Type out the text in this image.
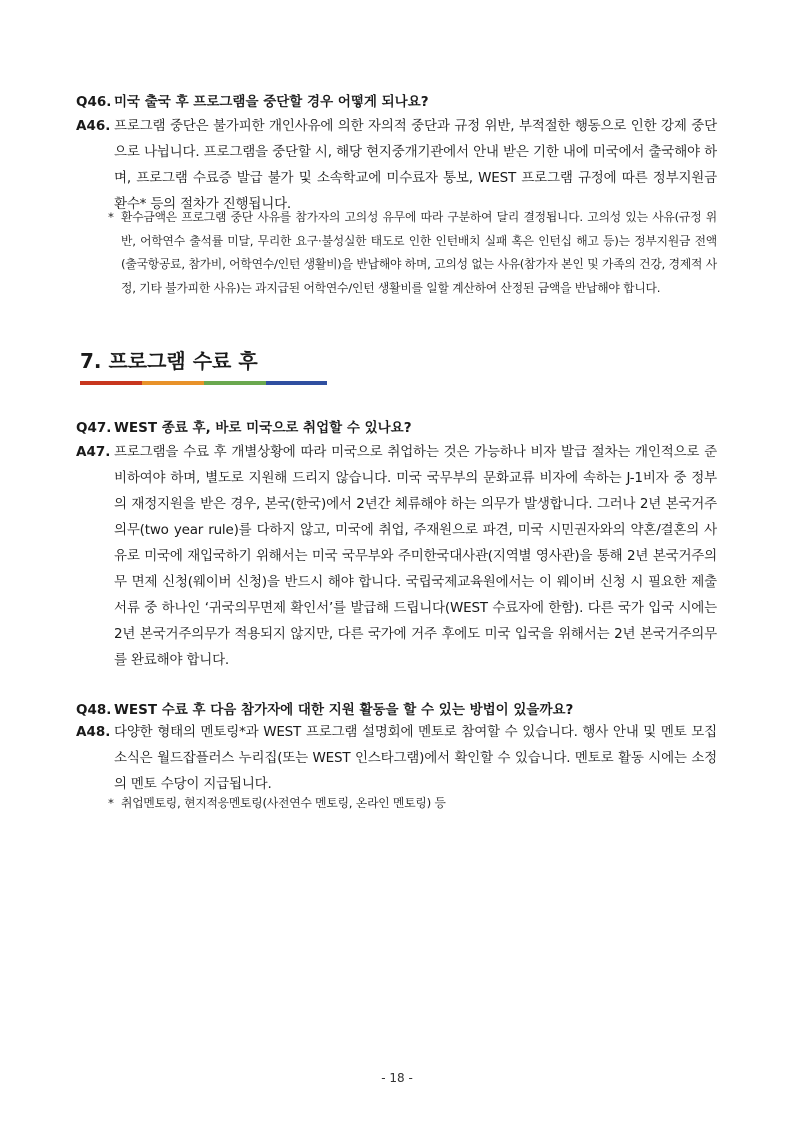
Q46. 미국 출국 후 프로그램을 중단할 경우 어떻게 되나요?
A46. 프로그램 중단은 불가피한 개인사유에 의한 자의적 중단과 규정 위반, 부적절한 행동으로 인한 강제 중단으로 나뉩니다. 프로그램을 중단할 시, 해당 현지중개기관에서 안내 받은 기한 내에 미국에서 출국해야 하며, 프로그램 수료증 발급 불가 및 소속학교에 미수료자 통보, WEST 프로그램 규정에 따른 정부지원금 환수* 등의 절차가 진행됩니다.
* 환수금액은 프로그램 중단 사유를 참가자의 고의성 유무에 따라 구분하여 달리 결정됩니다. 고의성 있는 사유(규정 위반, 어학연수 출석률 미달, 무리한 요구·불성실한 태도로 인한 인턴배치 실패 혹은 인턴십 해고 등)는 정부지원금 전액(출국항공료, 참가비, 어학연수/인턴 생활비)을 반납해야 하며, 고의성 없는 사유(참가자 본인 및 가족의 건강, 경제적 사정, 기타 불가피한 사유)는 과지급된 어학연수/인턴 생활비를 일할 계산하여 산정된 금액을 반납해야 합니다.
7. 프로그램 수료 후
Q47. WEST 종료 후, 바로 미국으로 취업할 수 있나요?
A47. 프로그램을 수료 후 개별상황에 따라 미국으로 취업하는 것은 가능하나 비자 발급 절차는 개인적으로 준비하여야 하며, 별도로 지원해 드리지 않습니다. 미국 국무부의 문화교류 비자에 속하는 J-1비자 중 정부의 재정지원을 받은 경우, 본국(한국)에서 2년간 체류해야 하는 의무가 발생합니다. 그러나 2년 본국거주의무(two year rule)를 다하지 않고, 미국에 취업, 주재원으로 파견, 미국 시민권자와의 약혼/결혼의 사유로 미국에 재입국하기 위해서는 미국 국무부와 주미한국대사관(지역별 영사관)을 통해 2년 본국거주의무 면제 신청(웨이버 신청)을 반드시 해야 합니다. 국립국제교육원에서는 이 웨이버 신청 시 필요한 제출서류 중 하나인 ‘귀국의무면제 확인서’를 발급해 드립니다(WEST 수료자에 한함). 다른 국가 입국 시에는 2년 본국거주의무가 적용되지 않지만, 다른 국가에 거주 후에도 미국 입국을 위해서는 2년 본국거주의무를 완료해야 합니다.
Q48. WEST 수료 후 다음 참가자에 대한 지원 활동을 할 수 있는 방법이 있을까요?
A48. 다양한 형태의 멘토링*과 WEST 프로그램 설명회에 멘토로 참여할 수 있습니다. 행사 안내 및 멘토 모집 소식은 월드잡플러스 누리집(또는 WEST 인스타그램)에서 확인할 수 있습니다. 멘토로 활동 시에는 소정의 멘토 수당이 지급됩니다.
* 취업멘토링, 현지적응멘토링(사전연수 멘토링, 온라인 멘토링) 등
- 18 -
